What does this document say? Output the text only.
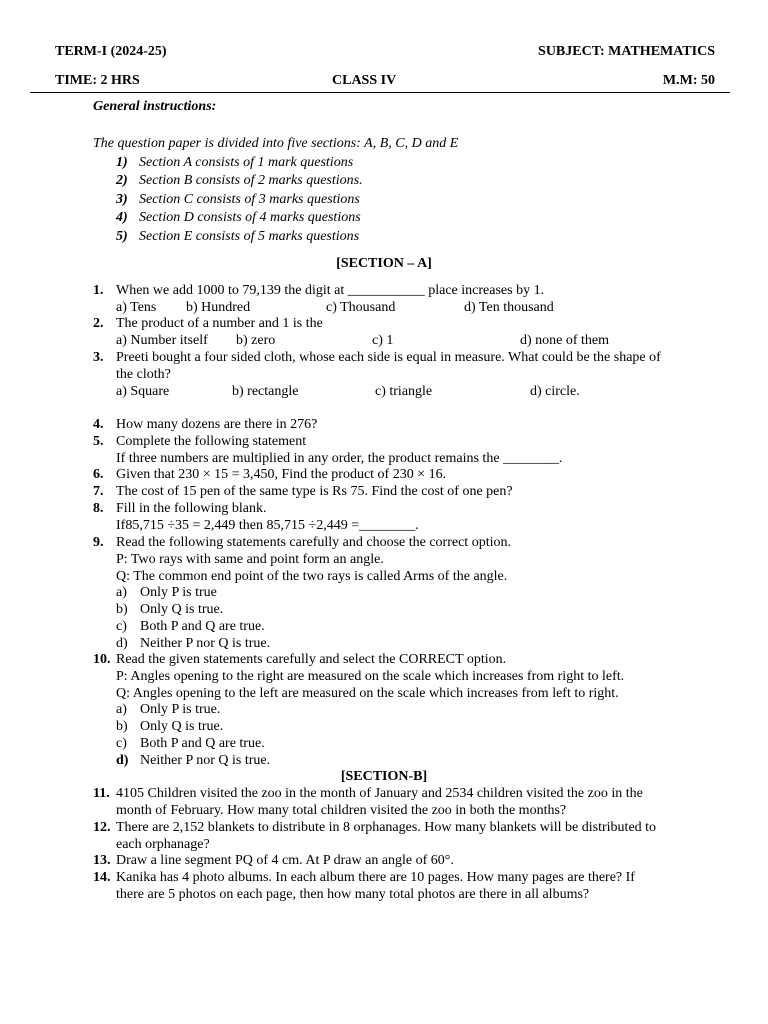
TERM-I (2024-25)	SUBJECT: MATHEMATICS
TIME: 2 HRS	CLASS IV	M.M: 50
General instructions:
The question paper is divided into five sections: A, B, C, D and E
1) Section A consists of 1 mark questions
2) Section B consists of 2 marks questions.
3) Section C consists of 3 marks questions
4) Section D consists of 4 marks questions
5) Section E consists of 5 marks questions
[SECTION – A]
1. When we add 1000 to 79,139 the digit at ___________ place increases by 1.
a) Tens b) Hundred	c) Thousand	d) Ten thousand
2. The product of a number and 1 is the
a) Number itself b) zero	c) 1	d) none of them
3. Preeti bought a four sided cloth, whose each side is equal in measure. What could be the shape of
the cloth?
a) Square	b) rectangle	c) triangle	d) circle.
4. How many dozens are there in 276?
5. Complete the following statement
If three numbers are multiplied in any order, the product remains the ________.
6. Given that 230 × 15 = 3,450, Find the product of 230 × 16.
7. The cost of 15 pen of the same type is Rs 75. Find the cost of one pen?
8. Fill in the following blank.
If85,715 ÷35 = 2,449 then 85,715 ÷2,449 =________.
9. Read the following statements carefully and choose the correct option.
P: Two rays with same and point form an angle.
Q: The common end point of the two rays is called Arms of the angle.
a) Only P is true
b) Only Q is true.
c) Both P and Q are true.
d) Neither P nor Q is true.
10. Read the given statements carefully and select the CORRECT option.
P: Angles opening to the right are measured on the scale which increases from right to left.
Q: Angles opening to the left are measured on the scale which increases from left to right.
a) Only P is true.
b) Only Q is true.
c) Both P and Q are true.
d) Neither P nor Q is true.
[SECTION-B]
11. 4105 Children visited the zoo in the month of January and 2534 children visited the zoo in the
month of February. How many total children visited the zoo in both the months?
12. There are 2,152 blankets to distribute in 8 orphanages. How many blankets will be distributed to
each orphanage?
13. Draw a line segment PQ of 4 cm. At P draw an angle of 60°.
14. Kanika has 4 photo albums. In each album there are 10 pages. How many pages are there? If
there are 5 photos on each page, then how many total photos are there in all albums?
